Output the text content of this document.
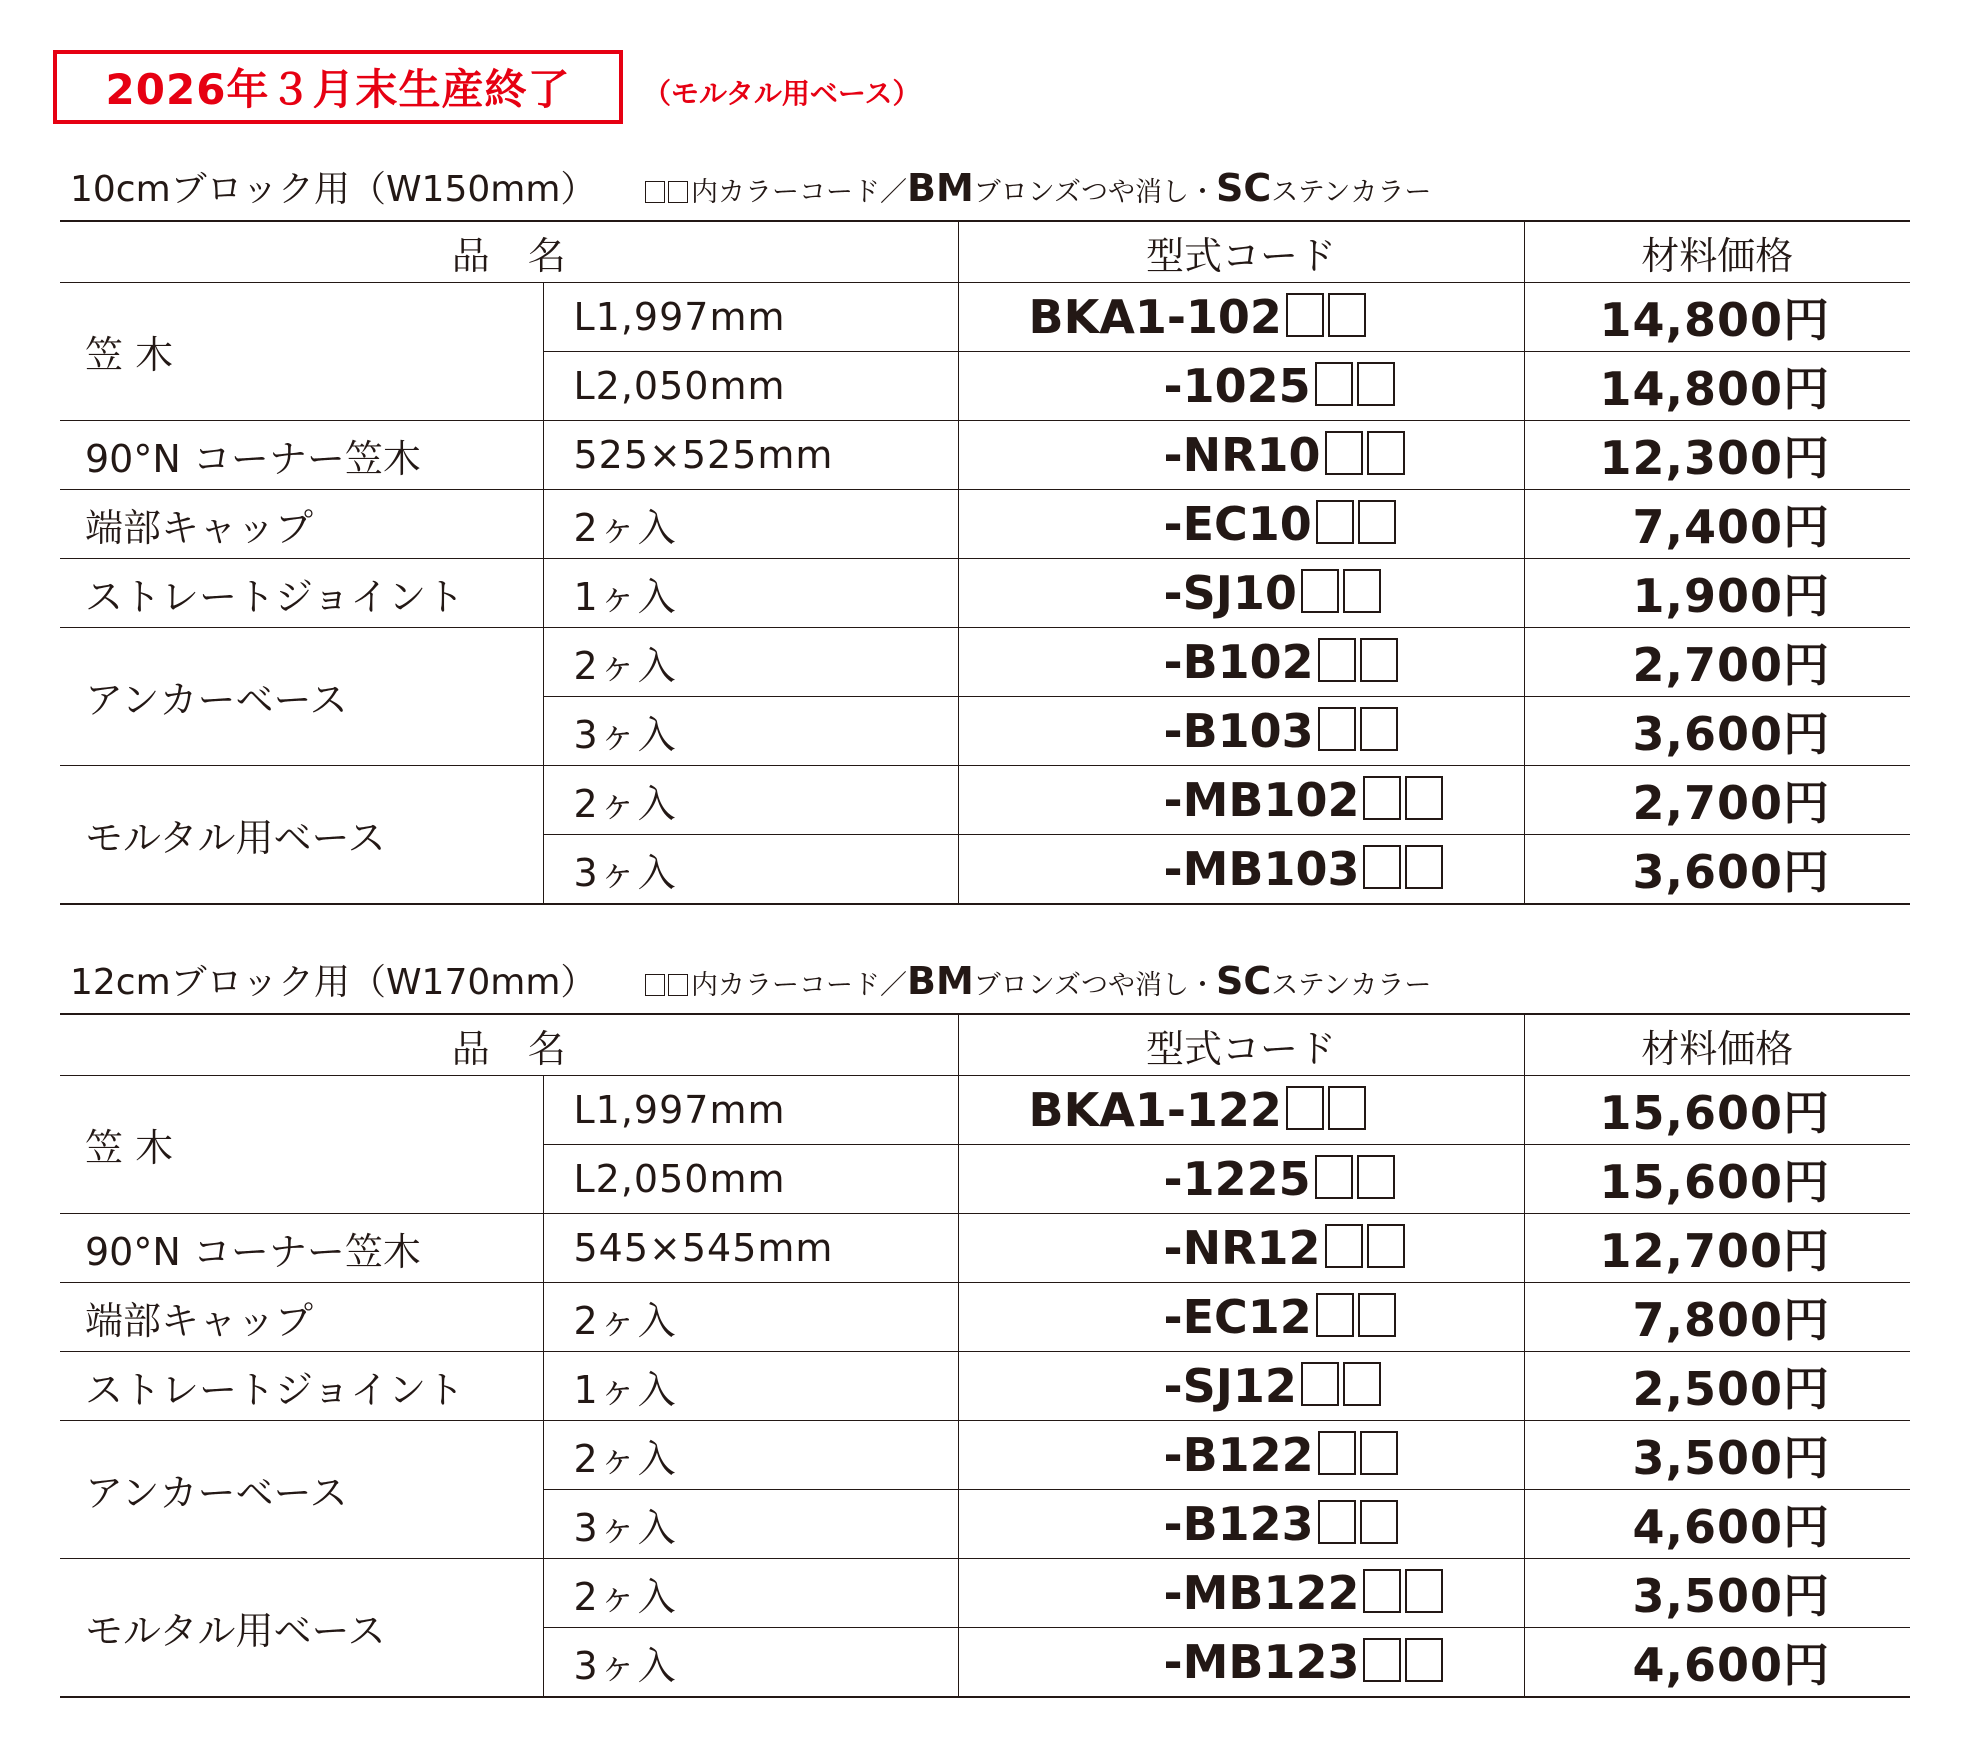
2026年３月末生産終了	（モルタル用ベース）
10cmブロック用（W150mm）	内カラーコード／BMブロンズつや消し・SCステンカラー
品　名		型式コード	材料価格
笠 木	L1,997mm	BKA1-102	14,800円
	L2,050mm	-1025	14,800円
90°N コーナー笠木	525×525mm	-NR10	12,300円
端部キャップ	2ヶ入	-EC10	7,400円
ストレートジョイント	1ヶ入	-SJ10	1,900円
アンカーベース	2ヶ入	-B102	2,700円
	3ヶ入	-B103	3,600円
モルタル用ベース	2ヶ入	-MB102	2,700円
	3ヶ入	-MB103	3,600円
12cmブロック用（W170mm）	内カラーコード／BMブロンズつや消し・SCステンカラー
品　名		型式コード	材料価格
笠 木	L1,997mm	BKA1-122	15,600円
	L2,050mm	-1225	15,600円
90°N コーナー笠木	545×545mm	-NR12	12,700円
端部キャップ	2ヶ入	-EC12	7,800円
ストレートジョイント	1ヶ入	-SJ12	2,500円
アンカーベース	2ヶ入	-B122	3,500円
	3ヶ入	-B123	4,600円
モルタル用ベース	2ヶ入	-MB122	3,500円
	3ヶ入	-MB123	4,600円
